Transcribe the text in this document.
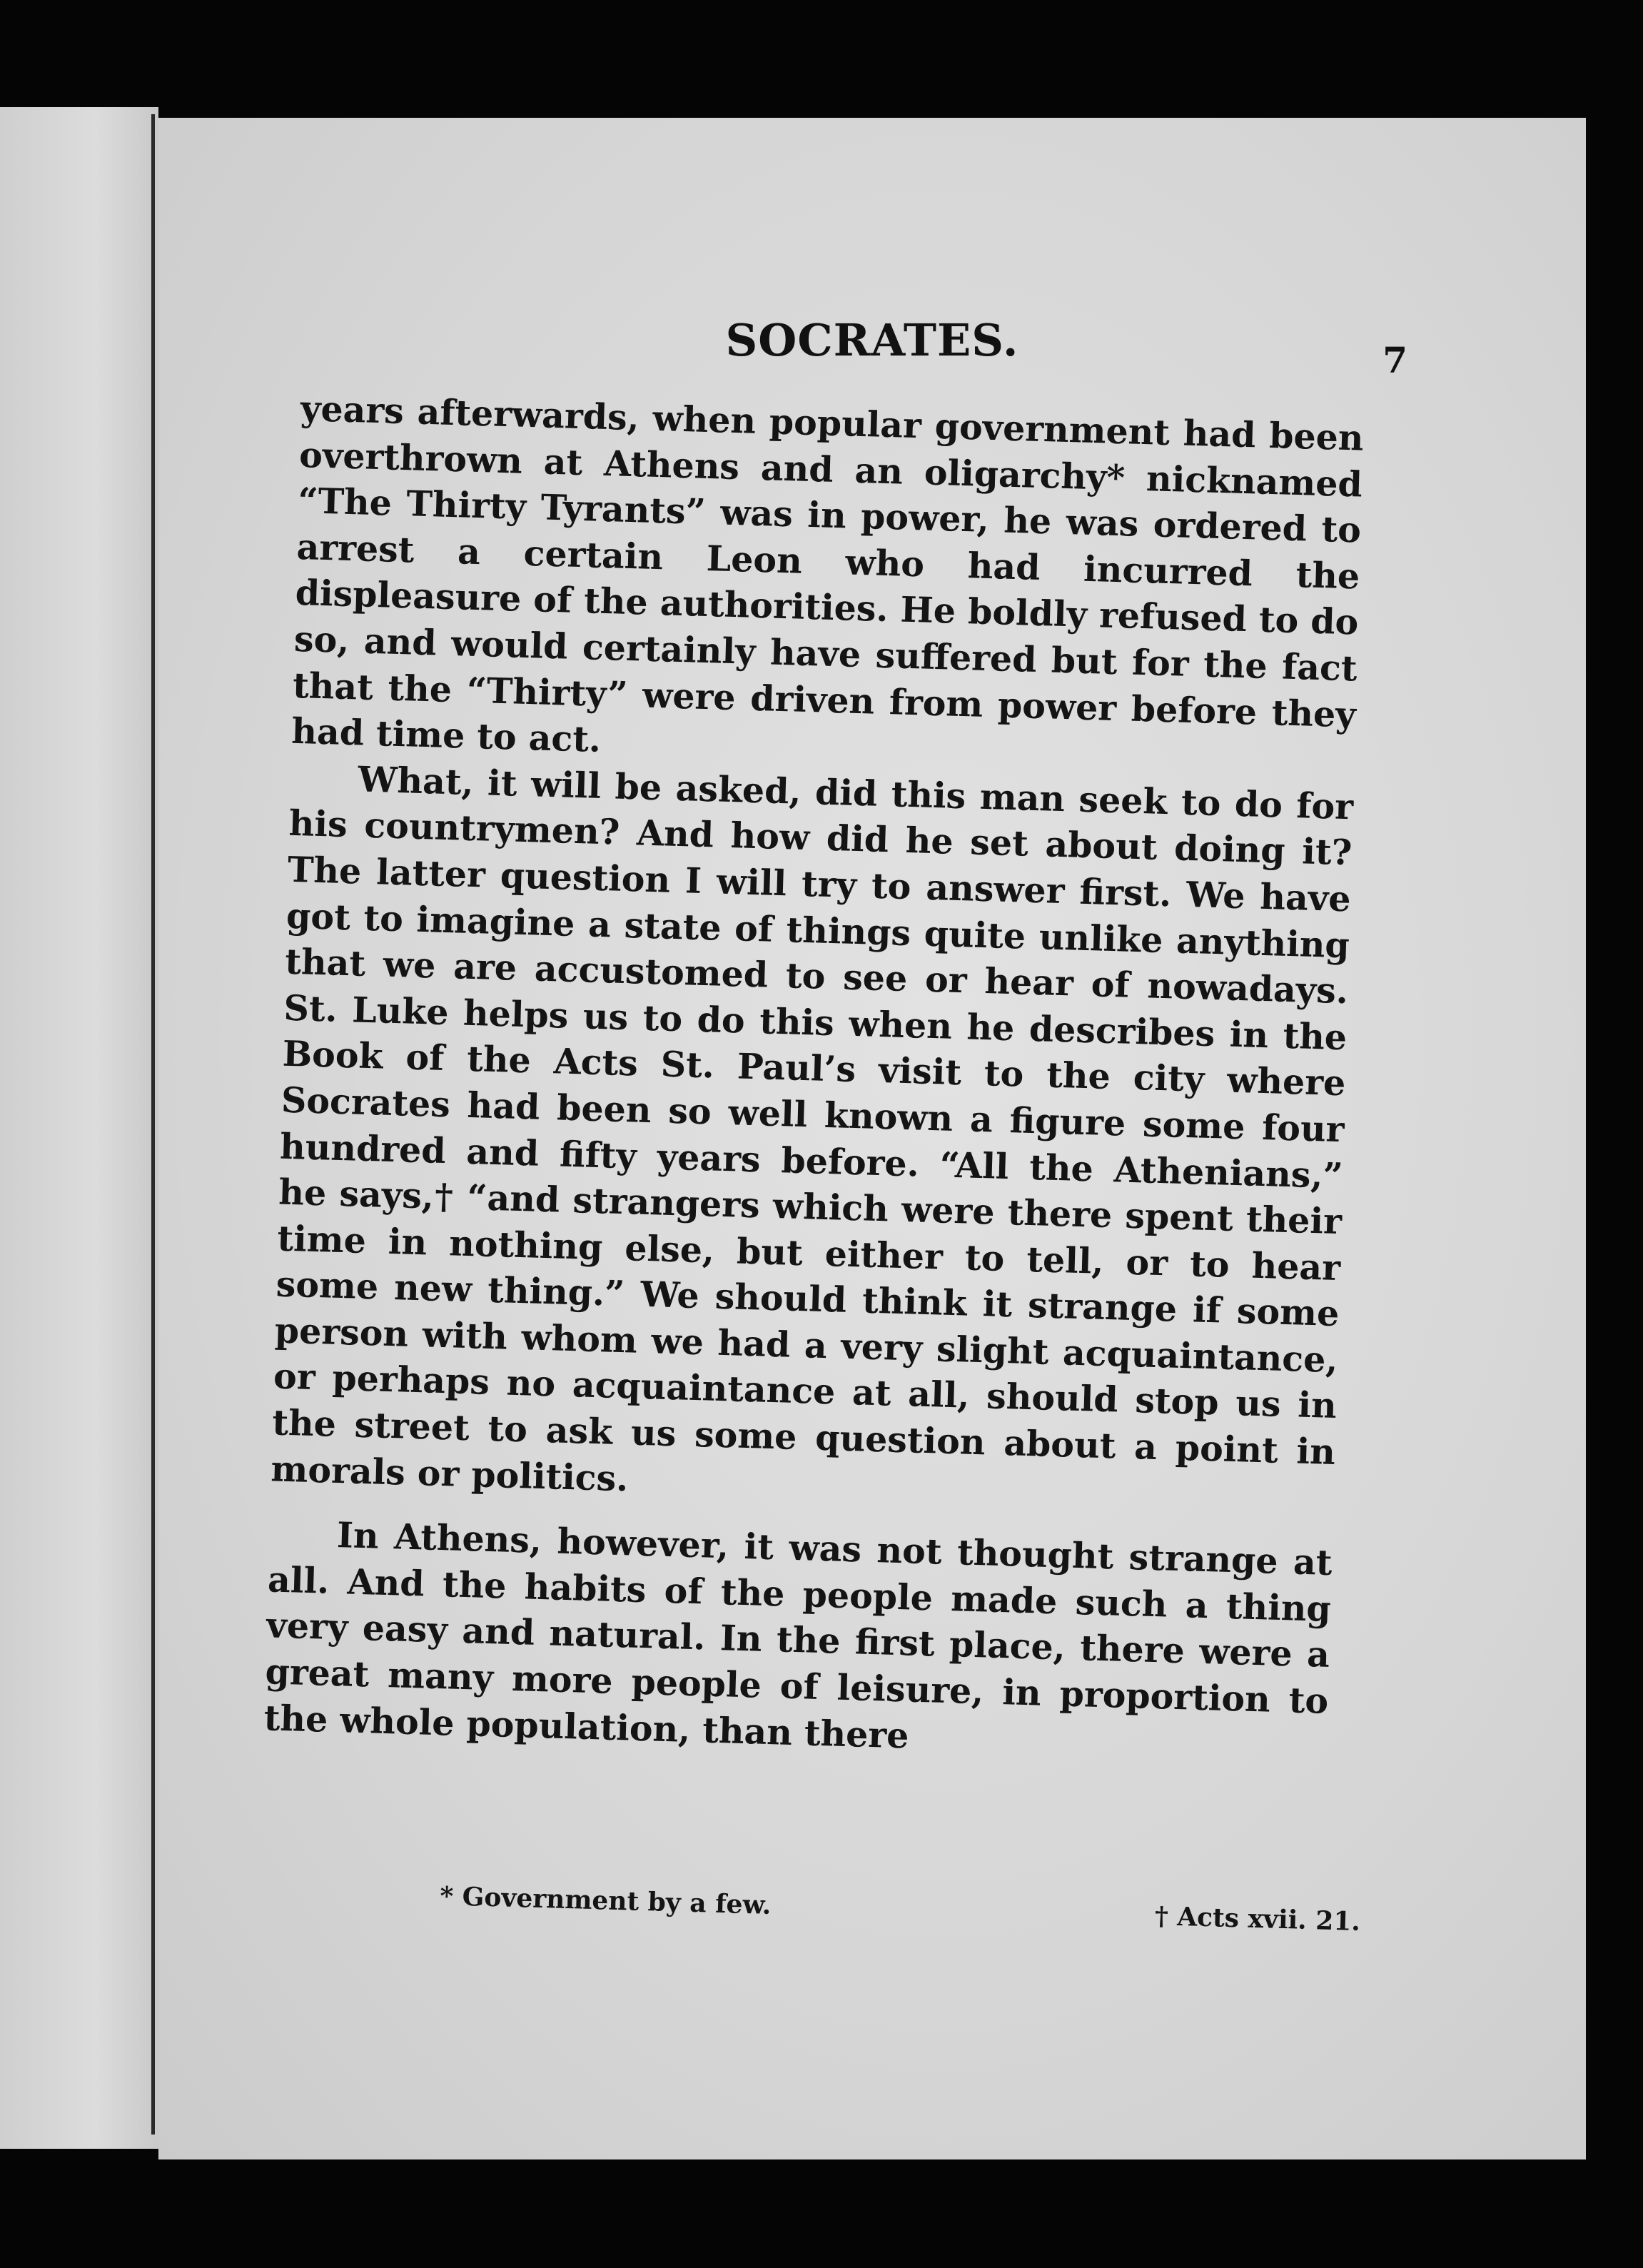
SOCRATES.	7

years afterwards, when popular government had been overthrown at Athens and an oligarchy* nicknamed “The Thirty Tyrants” was in power, he was ordered to arrest a certain Leon who had incurred the displeasure of the authorities. He boldly refused to do so, and would certainly have suffered but for the fact that the “Thirty” were driven from power before they had time to act.

What, it will be asked, did this man seek to do for his countrymen? And how did he set about doing it? The latter question I will try to answer first. We have got to imagine a state of things quite unlike anything that we are accustomed to see or hear of nowadays. St. Luke helps us to do this when he describes in the Book of the Acts St. Paul’s visit to the city where Socrates had been so well known a figure some four hundred and fifty years before. “All the Athenians,” he says,† “and strangers which were there spent their time in nothing else, but either to tell, or to hear some new thing.” We should think it strange if some person with whom we had a very slight acquaintance, or perhaps no acquaintance at all, should stop us in the street to ask us some question about a point in morals or politics.

In Athens, however, it was not thought strange at all. And the habits of the people made such a thing very easy and natural. In the first place, there were a great many more people of leisure, in proportion to the whole population, than there

* Government by a few.	† Acts xvii. 21.
